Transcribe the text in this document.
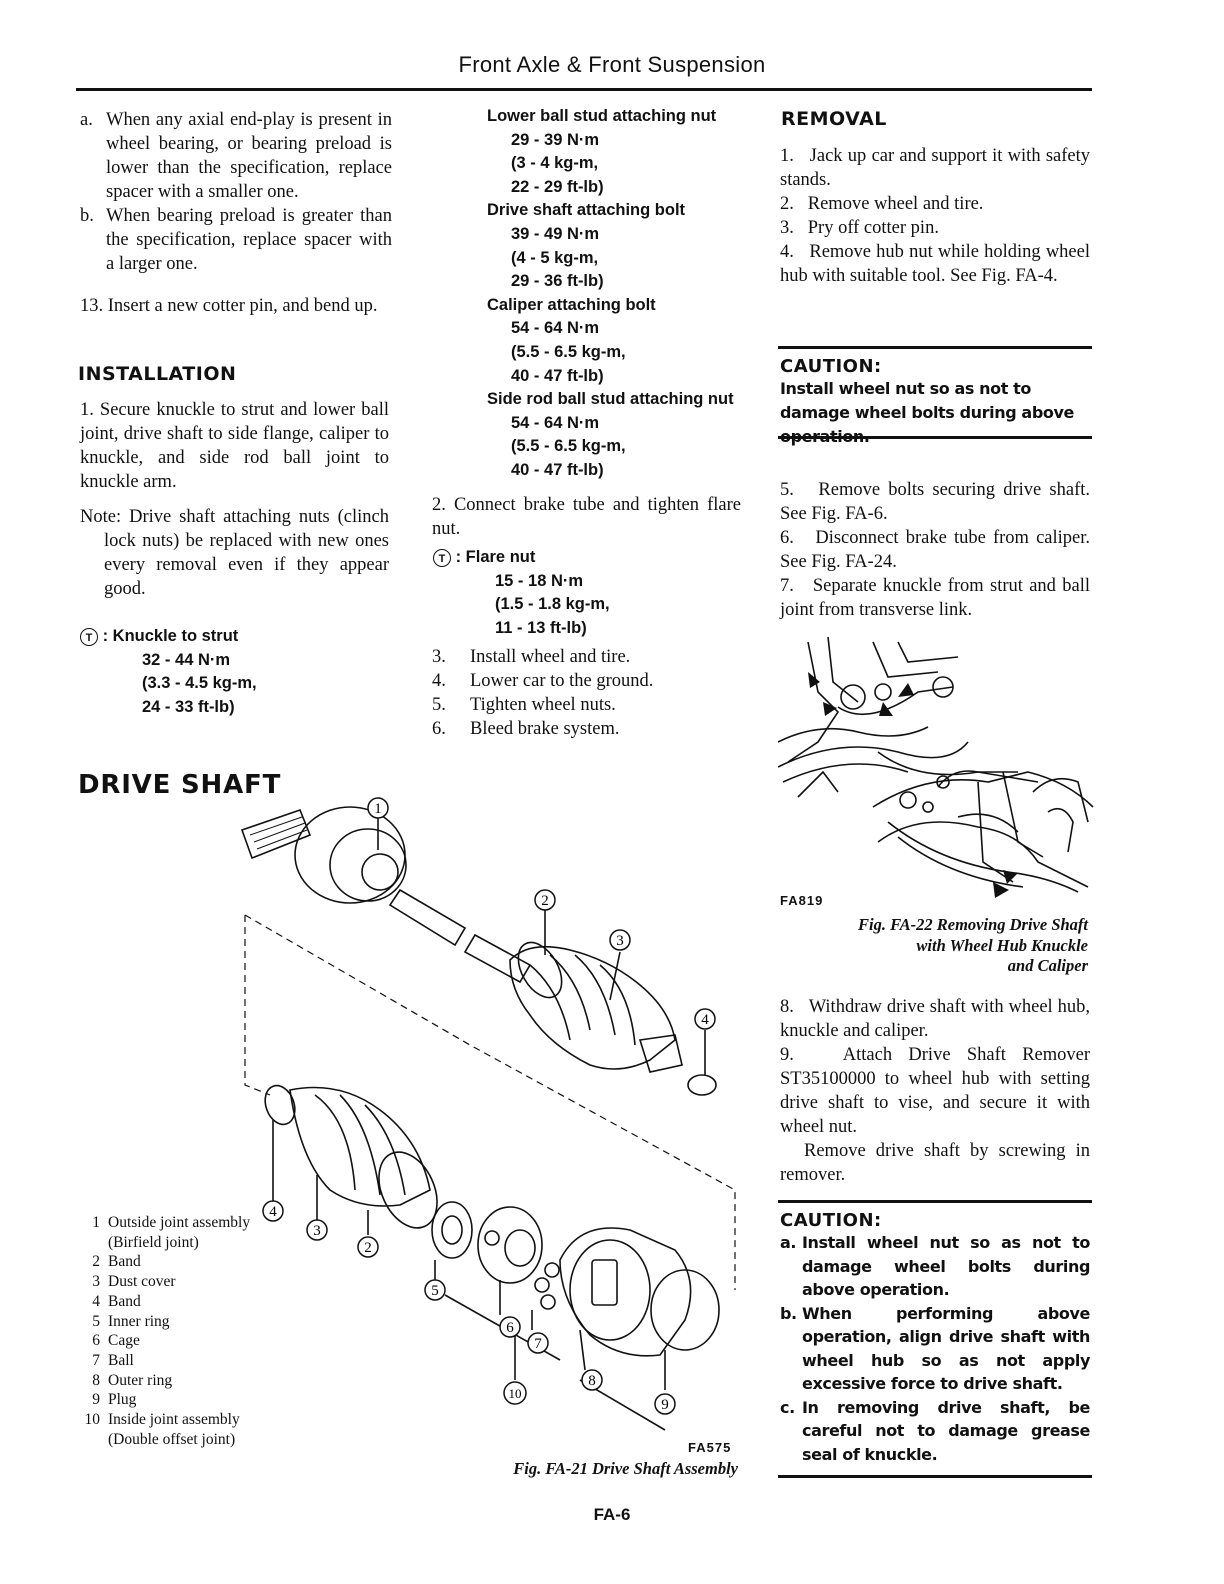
Front Axle & Front Suspension
a. When any axial end-play is present in wheel bearing, or bearing preload is lower than the specification, replace spacer with a smaller one.
b. When bearing preload is greater than the specification, replace spacer with a larger one.
13. Insert a new cotter pin, and bend up.
INSTALLATION
1. Secure knuckle to strut and lower ball joint, drive shaft to side flange, caliper to knuckle, and side rod ball joint to knuckle arm.
Note: Drive shaft attaching nuts (clinch lock nuts) be replaced with new ones every removal even if they appear good.
T : Knuckle to strut
32 - 44 N·m
(3.3 - 4.5 kg-m,
24 - 33 ft-lb)
DRIVE SHAFT
Lower ball stud attaching nut
29 - 39 N·m
(3 - 4 kg-m,
22 - 29 ft-lb)
Drive shaft attaching bolt
39 - 49 N·m
(4 - 5 kg-m,
29 - 36 ft-lb)
Caliper attaching bolt
54 - 64 N·m
(5.5 - 6.5 kg-m,
40 - 47 ft-lb)
Side rod ball stud attaching nut
54 - 64 N·m
(5.5 - 6.5 kg-m,
40 - 47 ft-lb)
2. Connect brake tube and tighten flare nut.
T : Flare nut
15 - 18 N·m
(1.5 - 1.8 kg-m,
11 - 13 ft-lb)
3.	Install wheel and tire.
4.	Lower car to the ground.
5.	Tighten wheel nuts.
6.	Bleed brake system.
REMOVAL
1. Jack up car and support it with safety stands.
2. Remove wheel and tire.
3. Pry off cotter pin.
4. Remove hub nut while holding wheel hub with suitable tool. See Fig. FA-4.
CAUTION:
Install wheel nut so as not to damage wheel bolts during above
5. Remove bolts securing drive shaft. See Fig. FA-6.
6. Disconnect brake tube from caliper. See Fig. FA-24.
7. Separate knuckle from strut and ball joint from transverse link.
FA819
Fig. FA-22 Removing Drive Shaft
with Wheel Hub Knuckle
and Caliper
8. Withdraw drive shaft with wheel hub, knuckle and caliper.
9.	Attach Drive Shaft Remover ST35100000 to wheel hub with setting drive shaft to vise, and secure it with wheel nut.
Remove drive shaft by screwing in remover.
CAUTION:
a. Install wheel nut so as not to damage wheel bolts during above operation.
b. When performing above operation, align drive shaft with wheel hub so as not apply excessive force to drive shaft.
c. In removing drive shaft, be careful not to damage grease seal of knuckle.
1
2
3
4
4
3
2
5
6
7
8
10
9
1 Outside joint assembly
(Birfield joint)
2 Band
3 Dust cover
4 Band
5 Inner ring
6 Cage
7 Ball
8 Outer ring
9 Plug
10 Inside joint assembly
(Double offset joint)	FA575
Fig. FA-21 Drive Shaft Assembly
FA-6
